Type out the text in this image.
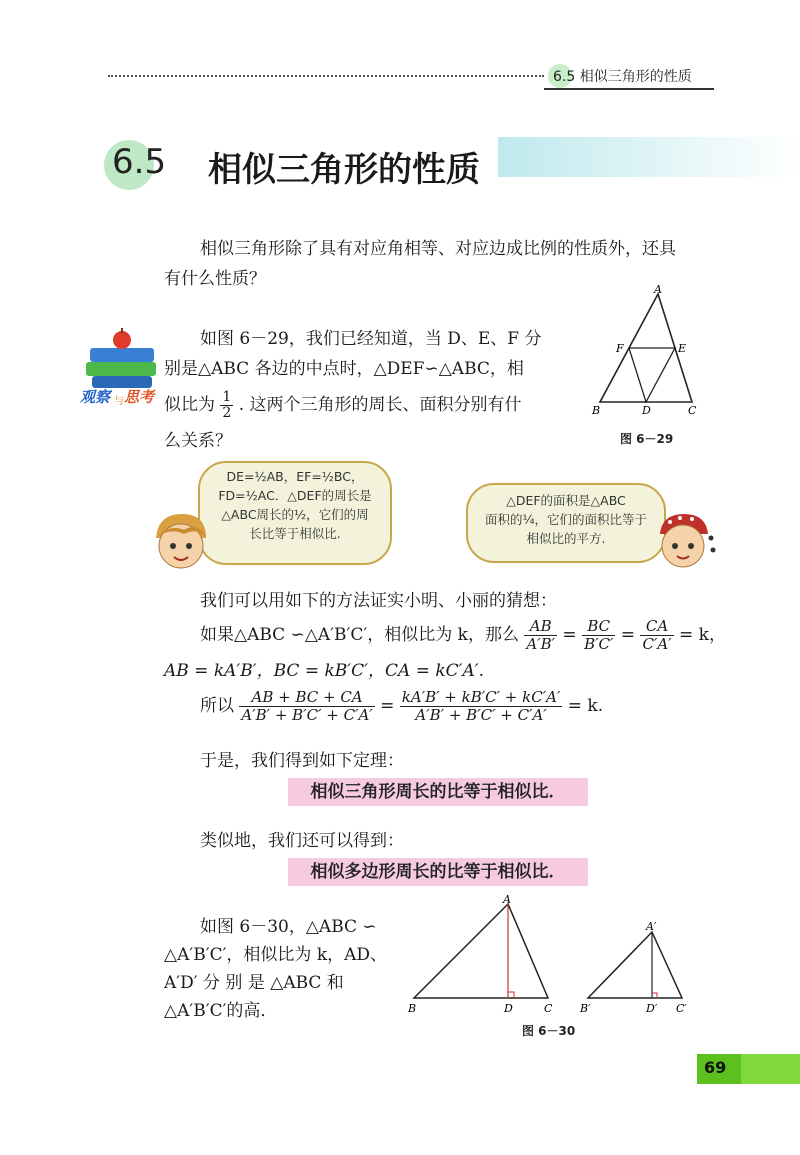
6.5 相似三角形的性质
6.5 相似三角形的性质
相似三角形除了具有对应角相等、对应边成比例的性质外，还具
有什么性质？
观察 与 思考
如图 6－29，我们已经知道，当 D、E、F 分
别是△ABC 各边的中点时，△DEF∽△ABC，相
似比为 $\frac{1}{2}$ . 这两个三角形的周长、面积分别有什
么关系？
A
F	E
B	D	C
图 6－29
DE=½AB，EF=½BC，
FD=½AC．△DEF的周长是
△ABC周长的½，它们的周
长比等于相似比.
△DEF的面积是△ABC
面积的¼，它们的面积比等于
相似比的平方.
我们可以用如下的方法证实小明、小丽的猜想：
如果△ABC ∽△A′B′C′，相似比为 k，那么 $\frac{AB}{A'B'} = \frac{BC}{B'C'} = \frac{CA}{C'A'} = k$，
AB = kA′B′，BC = kB′C′，CA = kC′A′.
所以 $\frac{AB + BC + CA}{A'B' + B'C' + C'A'} = \frac{kA'B' + kB'C' + kC'A'}{A'B' + B'C' + C'A'} = k$.
于是，我们得到如下定理：
相似三角形周长的比等于相似比．
类似地，我们还可以得到：
相似多边形周长的比等于相似比．
如图 6－30，△ABC ∽
△A′B′C′，相似比为 k，AD、
A′D′ 分 别 是 △ABC 和
△A′B′C′的高．
A
B	D	C
A′
B′	D′ C′
图 6－30
69
